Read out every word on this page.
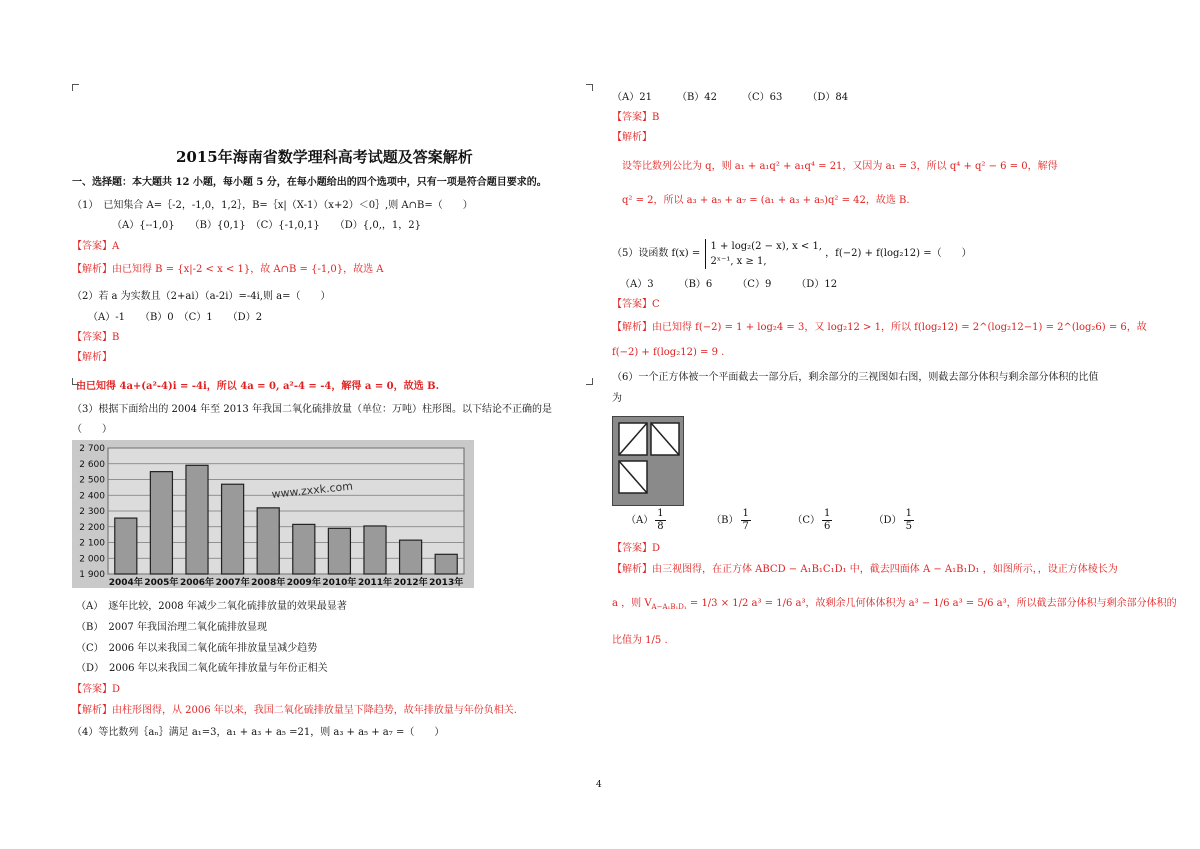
2015年海南省数学理科高考试题及答案解析
一、选择题：本大题共 12 小题，每小题 5 分，在每小题给出的四个选项中，只有一项是符合题目要求的。
（1）　已知集合 A=｛-2，-1,0，1,2｝，B=｛x|（X-1）（x+2）＜0｝,则 A∩B=（　　）
（A）{--1,0}　　（B）{0,1}　（C）{-1,0,1}　　（D）{,0,，1，2}
【答案】A
【解析】由已知得 B = {x|-2 < x < 1}，故 A∩B = {-1,0}，故选 A
（2）若 a 为实数且（2+ai）（a-2i）=-4i,则 a=（　　）
（A）-1　　（B）0　（C）1　　（D）2
【答案】B
【解析】
由已知得 4a+(a²-4)i = -4i，所以 4a = 0, a²-4 = -4，解得 a = 0，故选 B.
（3）根据下面给出的 2004 年至 2013 年我国二氧化硫排放量（单位：万吨）柱形图。以下结论不正确的是
（　　）
2 700
2 600
2 500
2 400
2 300
2 200
2 100
2 000
1 900
2004年 2005年 2006年 2007年 2008年 2009年 2010年 2011年 2012年 2013年
www.zxxk.com
（A）　逐年比较，2008 年减少二氧化硫排放量的效果最显著
（B）　2007 年我国治理二氧化硫排放显现
（C）　2006 年以来我国二氧化硫年排放量呈减少趋势
（D）　2006 年以来我国二氧化硫年排放量与年份正相关
【答案】D
【解析】由柱形图得，从 2006 年以来，我国二氧化硫排放量呈下降趋势，故年排放量与年份负相关.
（4）等比数列｛aₙ｝满足 a₁=3，a₁ + a₃ + a₅ =21，则 a₃ + a₅ + a₇ =（　　）
（A）21　　　（B）42　　　（C）63　　　（D）84
【答案】B
【解析】
设等比数列公比为 q，则 a₁ + a₁q² + a₁q⁴ = 21，又因为 a₁ = 3，所以 q⁴ + q² − 6 = 0，解得
q² = 2，所以 a₃ + a₅ + a₇ = (a₁ + a₃ + a₅)q² = 42，故选 B.
（5）设函数 f(x) =
1 + log₂(2 − x), x < 1,
2ˣ⁻¹, x ≥ 1,
，f(−2) + f(log₂12) =（　　）
（A）3　　　（B）6　　　（C）9　　　（D）12
【答案】C
【解析】由已知得 f(−2) = 1 + log₂4 = 3，又 log₂12 > 1，所以 f(log₂12) = 2^(log₂12−1) = 2^(log₂6) = 6，故
f(−2) + f(log₂12) = 9 .
（6）一个正方体被一个平面截去一部分后，剩余部分的三视图如右图，则截去部分体积与剩余部分体积的比值
为
$(A) \frac{1}{8}$	$(B) \frac{1}{7}$	$(C) \frac{1}{6}$	$(D) \frac{1}{5}$
【答案】D
【解析】由三视图得，在正方体 ABCD − A₁B₁C₁D₁ 中，截去四面体 A − A₁B₁D₁ ，如图所示，，设正方体棱长为
a ，则 $V_{A-A_1B_1D_1} = 1/3 \times 1/2$ a³ = 1/6 a³，故剩余几何体体积为 a³ − 1/6 a³ = 5/6 a³，所以截去部分体积与剩余部分体积的
比值为 1/5 .
4
